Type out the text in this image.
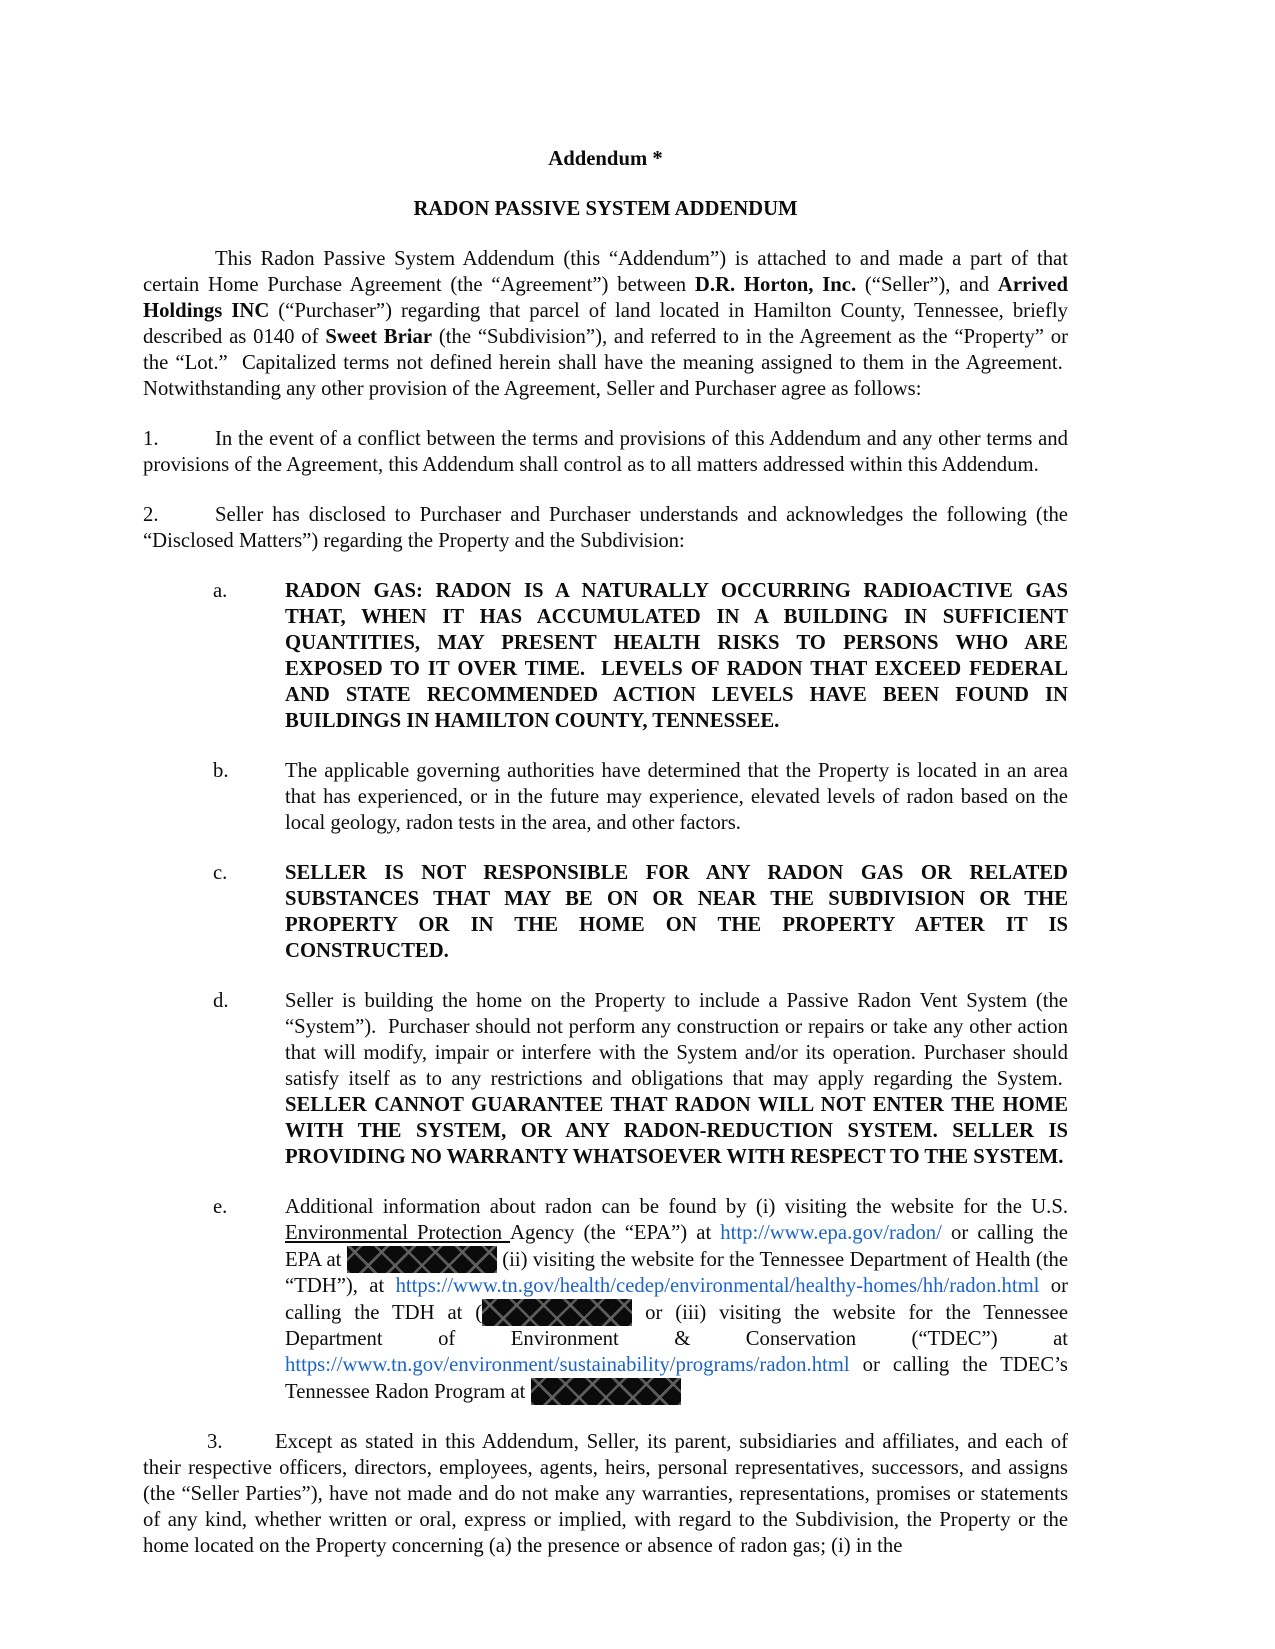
Addendum *
RADON PASSIVE SYSTEM ADDENDUM
This Radon Passive System Addendum (this “Addendum”) is attached to and made a part of that certain Home Purchase Agreement (the “Agreement”) between D.R. Horton, Inc. (“Seller”), and Arrived Holdings INC (“Purchaser”) regarding that parcel of land located in Hamilton County, Tennessee, briefly described as 0140 of Sweet Briar (the “Subdivision”), and referred to in the Agreement as the “Property” or the “Lot.”  Capitalized terms not defined herein shall have the meaning assigned to them in the Agreement.  Notwithstanding any other provision of the Agreement, Seller and Purchaser agree as follows:
1.	In the event of a conflict between the terms and provisions of this Addendum and any other terms and provisions of the Agreement, this Addendum shall control as to all matters addressed within this Addendum.
2.	Seller has disclosed to Purchaser and Purchaser understands and acknowledges the following (the “Disclosed Matters”) regarding the Property and the Subdivision:
a.	RADON GAS: RADON IS A NATURALLY OCCURRING RADIOACTIVE GAS THAT, WHEN IT HAS ACCUMULATED IN A BUILDING IN SUFFICIENT QUANTITIES, MAY PRESENT HEALTH RISKS TO PERSONS WHO ARE EXPOSED TO IT OVER TIME.  LEVELS OF RADON THAT EXCEED FEDERAL AND STATE RECOMMENDED ACTION LEVELS HAVE BEEN FOUND IN BUILDINGS IN HAMILTON COUNTY, TENNESSEE.
b.	The applicable governing authorities have determined that the Property is located in an area that has experienced, or in the future may experience, elevated levels of radon based on the local geology, radon tests in the area, and other factors.
c.	SELLER IS NOT RESPONSIBLE FOR ANY RADON GAS OR RELATED SUBSTANCES THAT MAY BE ON OR NEAR THE SUBDIVISION OR THE PROPERTY OR IN THE HOME ON THE PROPERTY AFTER IT IS CONSTRUCTED.
d.	Seller is building the home on the Property to include a Passive Radon Vent System (the “System”).  Purchaser should not perform any construction or repairs or take any other action that will modify, impair or interfere with the System and/or its operation. Purchaser should satisfy itself as to any restrictions and obligations that may apply regarding the System.  SELLER CANNOT GUARANTEE THAT RADON WILL NOT ENTER THE HOME WITH THE SYSTEM, OR ANY RADON-REDUCTION SYSTEM. SELLER IS PROVIDING NO WARRANTY WHATSOEVER WITH RESPECT TO THE SYSTEM.
e.	Additional information about radon can be found by (i) visiting the website for the U.S. Environmental Protection Agency (the “EPA”) at http://www.epa.gov/radon/ or calling the EPA at	(ii) visiting the website for the Tennessee Department of Health (the “TDH”), at https://www.tn.gov/health/cedep/environmental/healthy-​homes/hh/radon.html or calling the TDH at (	or (iii) visiting the website for the Tennessee Department of Environment & Conservation (“TDEC”) at https://www.tn.gov/environment/sustainability/programs/radon.html or calling the TDEC’s Tennessee Radon Program at
3.	Except as stated in this Addendum, Seller, its parent, subsidiaries and affiliates, and each of their respective officers, directors, employees, agents, heirs, personal representatives, successors, and assigns (the “Seller Parties”), have not made and do not make any warranties, representations, promises or statements of any kind, whether written or oral, express or implied, with regard to the Subdivision, the Property or the home located on the Property concerning (a) the presence or absence of radon gas; (i) in the
